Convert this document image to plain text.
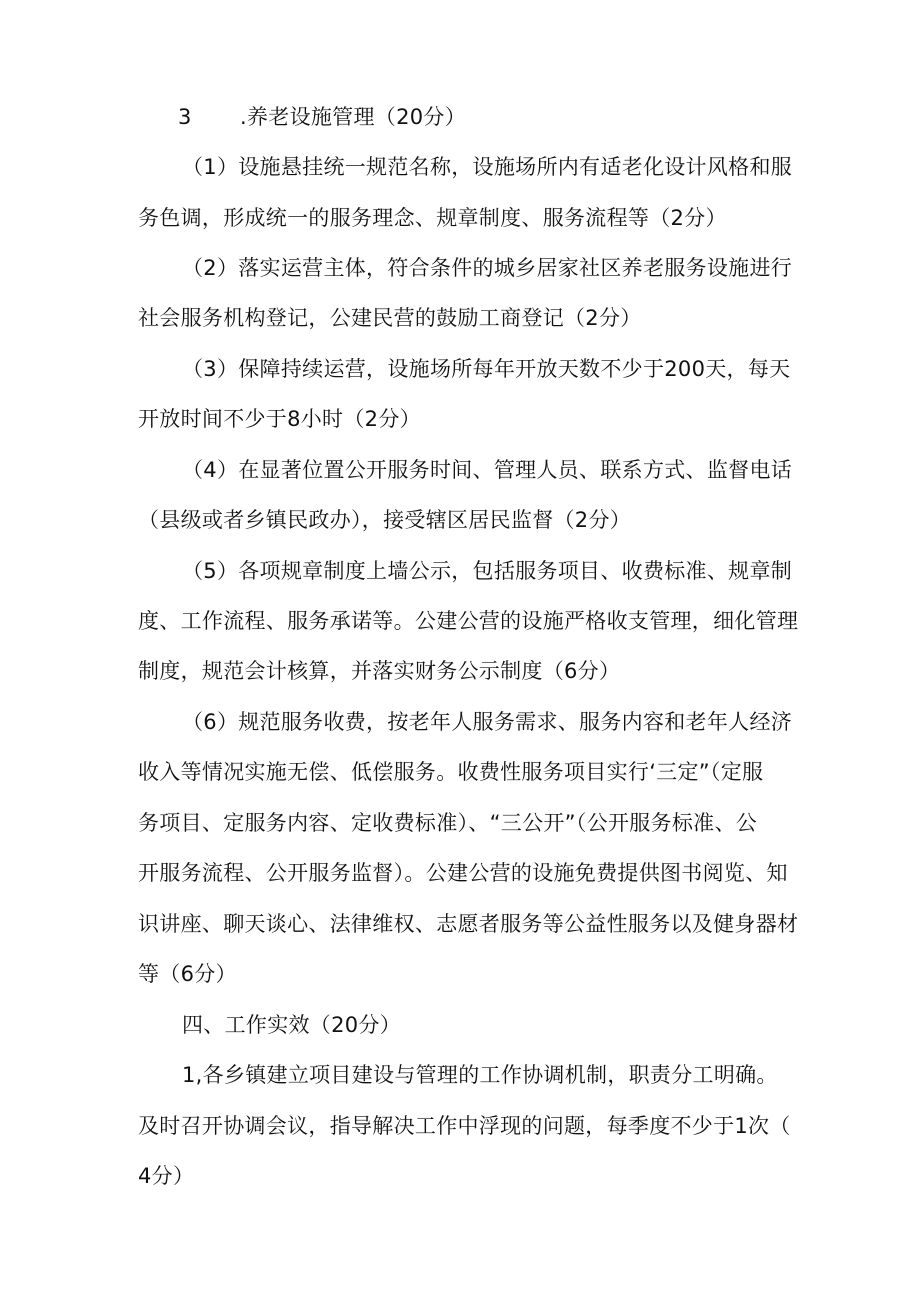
3 .养老设施管理（20分）
（1）设施悬挂统一规范名称，设施场所内有适老化设计风格和服
务色调，形成统一的服务理念、规章制度、服务流程等（2分）
（2）落实运营主体，符合条件的城乡居家社区养老服务设施进行
社会服务机构登记，公建民营的鼓励工商登记（2分）
（3）保障持续运营，设施场所每年开放天数不少于200天，每天
开放时间不少于8小时（2分）
（4）在显著位置公开服务时间、管理人员、联系方式、监督电话
（县级或者乡镇民政办），接受辖区居民监督（2分）
（5）各项规章制度上墙公示，包括服务项目、收费标准、规章制
度、工作流程、服务承诺等。公建公营的设施严格收支管理，细化管理
制度，规范会计核算，并落实财务公示制度（6分）
（6）规范服务收费，按老年人服务需求、服务内容和老年人经济
收入等情况实施无偿、低偿服务。收费性服务项目实行‘三定”（定服
务项目、定服务内容、定收费标准）、“三公开”（公开服务标准、公
开服务流程、公开服务监督）。公建公营的设施免费提供图书阅览、知
识讲座、聊天谈心、法律维权、志愿者服务等公益性服务以及健身器材
等（6分）
四、工作实效（20分）
1,各乡镇建立项目建设与管理的工作协调机制，职责分工明确。
及时召开协调会议，指导解决工作中浮现的问题，每季度不少于1次（
4分）
